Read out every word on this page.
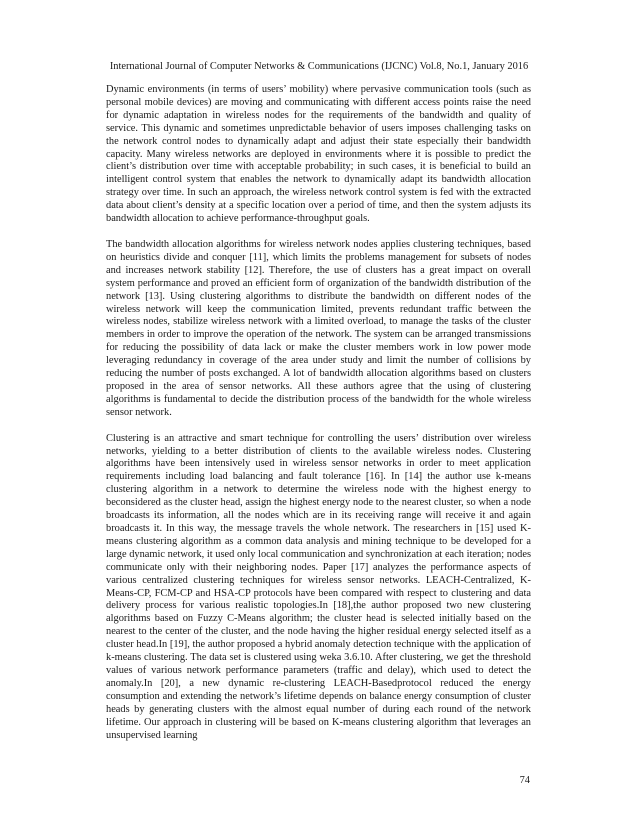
International Journal of Computer Networks & Communications (IJCNC) Vol.8, No.1, January 2016

Dynamic environments (in terms of users’ mobility) where pervasive communication tools (such as personal mobile devices) are moving and communicating with different access points raise the need for dynamic adaptation in wireless nodes for the requirements of the bandwidth and quality of service. This dynamic and sometimes unpredictable behavior of users imposes challenging tasks on the network control nodes to dynamically adapt and adjust their state especially their bandwidth capacity. Many wireless networks are deployed in environments where it is possible to predict the client’s distribution over time with acceptable probability; in such cases, it is beneficial to build an intelligent control system that enables the network to dynamically adapt its bandwidth allocation strategy over time. In such an approach, the wireless network control system is fed with the extracted data about client’s density at a specific location over a period of time, and then the system adjusts its bandwidth allocation to achieve performance-throughput goals.

The bandwidth allocation algorithms for wireless network nodes applies clustering techniques, based on heuristics divide and conquer [11], which limits the problems management for subsets of nodes and increases network stability [12]. Therefore, the use of clusters has a great impact on overall system performance and proved an efficient form of organization of the bandwidth distribution of the network [13]. Using clustering algorithms to distribute the bandwidth on different nodes of the wireless network will keep the communication limited, prevents redundant traffic between the wireless nodes, stabilize wireless network with a limited overload, to manage the tasks of the cluster members in order to improve the operation of the network. The system can be arranged transmissions for reducing the possibility of data lack or make the cluster members work in low power mode leveraging redundancy in coverage of the area under study and limit the number of collisions by reducing the number of posts exchanged. A lot of bandwidth allocation algorithms based on clusters proposed in the area of sensor networks. All these authors agree that the using of clustering algorithms is fundamental to decide the distribution process of the bandwidth for the whole wireless sensor network.

Clustering is an attractive and smart technique for controlling the users’ distribution over wireless networks, yielding to a better distribution of clients to the available wireless nodes. Clustering algorithms have been intensively used in wireless sensor networks in order to meet application requirements including load balancing and fault tolerance [16]. In [14] the author use k-means clustering algorithm in a network to determine the wireless node with the highest energy to beconsidered as the cluster head, assign the highest energy node to the nearest cluster, so when a node broadcasts its information, all the nodes which are in its receiving range will receive it and again broadcasts it. In this way, the message travels the whole network. The researchers in [15] used K-means clustering algorithm as a common data analysis and mining technique to be developed for a large dynamic network, it used only local communication and synchronization at each iteration; nodes communicate only with their neighboring nodes. Paper [17] analyzes the performance aspects of various centralized clustering techniques for wireless sensor networks. LEACH-Centralized, K-Means-CP, FCM-CP and HSA-CP protocols have been compared with respect to clustering and data delivery process for various realistic topologies.In [18],the author proposed two new clustering algorithms based on Fuzzy C-Means algorithm; the cluster head is selected initially based on the nearest to the center of the cluster, and the node having the higher residual energy selected itself as a cluster head.In [19], the author proposed a hybrid anomaly detection technique with the application of k-means clustering. The data set is clustered using weka 3.6.10. After clustering, we get the threshold values of various network performance parameters (traffic and delay), which used to detect the anomaly.In [20], a new dynamic re-clustering LEACH-Basedprotocol reduced the energy consumption and extending the network’s lifetime depends on balance energy consumption of cluster heads by generating clusters with the almost equal number of during each round of the network lifetime. Our approach in clustering will be based on K-means clustering algorithm that leverages an unsupervised learning

74
